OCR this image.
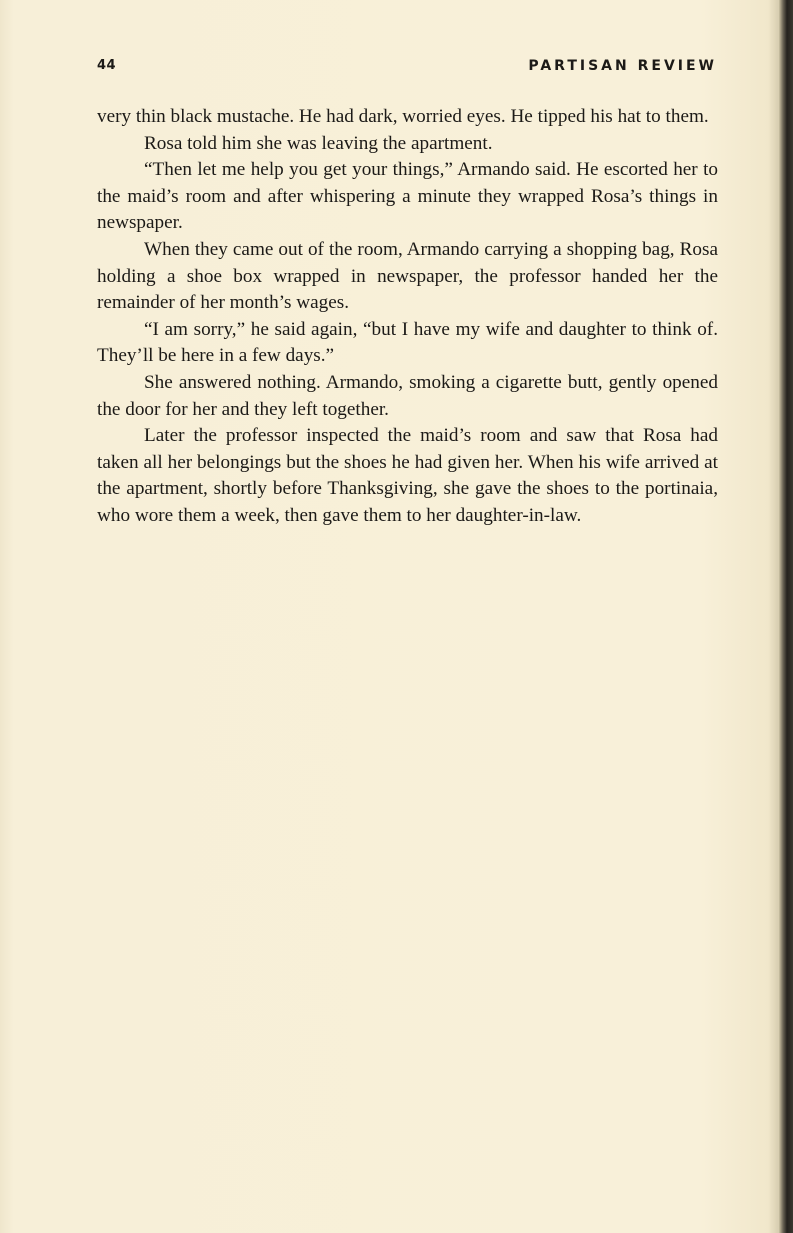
44	PARTISAN REVIEW

very thin black mustache. He had dark, worried eyes. He tipped his hat to them.

Rosa told him she was leaving the apartment.

“Then let me help you get your things,” Armando said. He escorted her to the maid’s room and after whispering a minute they wrapped Rosa’s things in newspaper.

When they came out of the room, Armando carrying a shopping bag, Rosa holding a shoe box wrapped in newspaper, the professor handed her the remainder of her month’s wages.

“I am sorry,” he said again, “but I have my wife and daughter to think of. They’ll be here in a few days.”

She answered nothing. Armando, smoking a cigarette butt, gently opened the door for her and they left together.

Later the professor inspected the maid’s room and saw that Rosa had taken all her belongings but the shoes he had given her. When his wife arrived at the apartment, shortly before Thanksgiving, she gave the shoes to the portinaia, who wore them a week, then gave them to her daughter-in-law.
